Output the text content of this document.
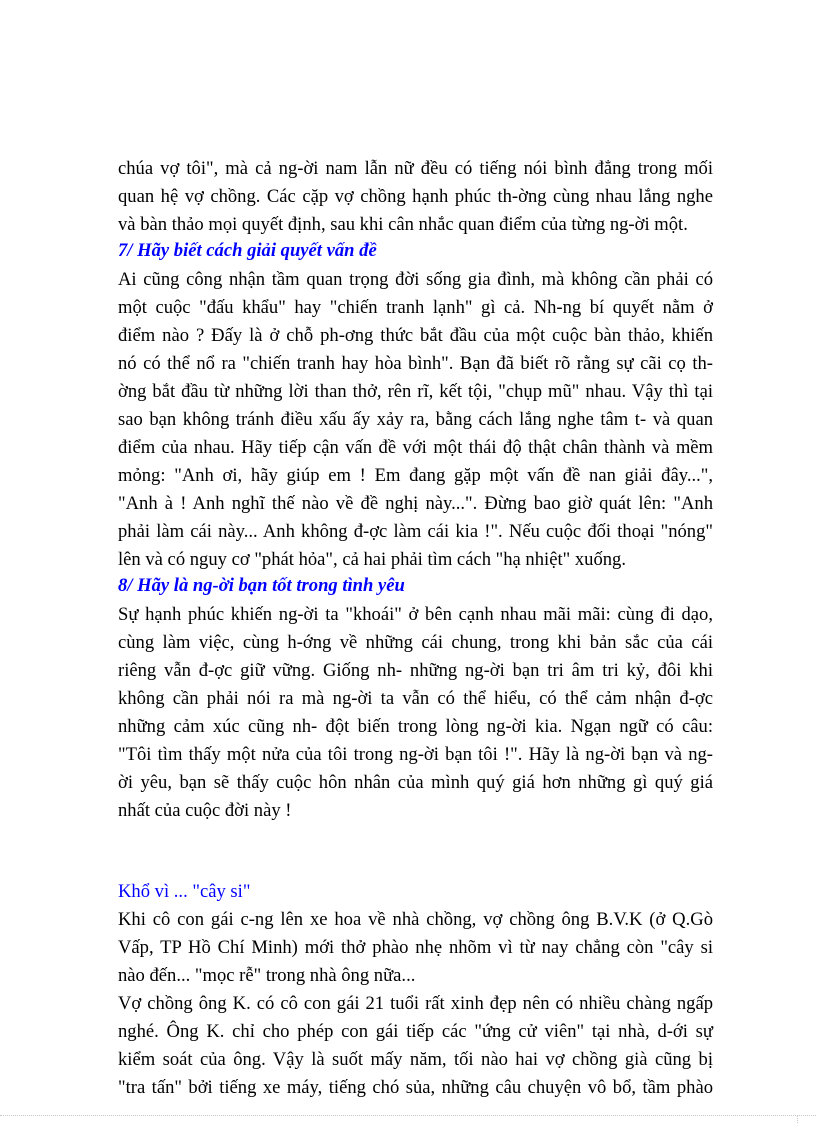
chúa vợ tôi", mà cả ng-ời nam lẫn nữ đều có tiếng nói bình đẳng trong mối
quan hệ vợ chồng. Các cặp vợ chồng hạnh phúc th-ờng cùng nhau lắng nghe
và bàn thảo mọi quyết định, sau khi cân nhắc quan điểm của từng ng-ời một.
7/ Hãy biết cách giải quyết vấn đề
Ai cũng công nhận tầm quan trọng đời sống gia đình, mà không cần phải có
một cuộc "đấu khẩu" hay "chiến tranh lạnh" gì cả. Nh-ng bí quyết nằm ở
điểm nào ? Đấy là ở chỗ ph-ơng thức bắt đầu của một cuộc bàn thảo, khiến
nó có thể nổ ra "chiến tranh hay hòa bình". Bạn đã biết rõ rằng sự cãi cọ th-
ờng bắt đầu từ những lời than thở, rên rĩ, kết tội, "chụp mũ" nhau. Vậy thì tại
sao bạn không tránh điều xấu ấy xảy ra, bằng cách lắng nghe tâm t- và quan
điểm của nhau. Hãy tiếp cận vấn đề với một thái độ thật chân thành và mềm
mỏng: "Anh ơi, hãy giúp em ! Em đang gặp một vấn đề nan giải đây...",
"Anh à ! Anh nghĩ thế nào về đề nghị này...". Đừng bao giờ quát lên: "Anh
phải làm cái này... Anh không đ-ợc làm cái kia !". Nếu cuộc đối thoại "nóng"
lên và có nguy cơ "phát hỏa", cả hai phải tìm cách "hạ nhiệt" xuống.
8/ Hãy là ng-ời bạn tốt trong tình yêu
Sự hạnh phúc khiến ng-ời ta "khoái" ở bên cạnh nhau mãi mãi: cùng đi dạo,
cùng làm việc, cùng h-ớng về những cái chung, trong khi bản sắc của cái
riêng vẫn đ-ợc giữ vững. Giống nh- những ng-ời bạn tri âm tri kỷ, đôi khi
không cần phải nói ra mà ng-ời ta vẫn có thể hiểu, có thể cảm nhận đ-ợc
những cảm xúc cũng nh- đột biến trong lòng ng-ời kia. Ngạn ngữ có câu:
"Tôi tìm thấy một nửa của tôi trong ng-ời bạn tôi !". Hãy là ng-ời bạn và ng-
ời yêu, bạn sẽ thấy cuộc hôn nhân của mình quý giá hơn những gì quý giá
nhất của cuộc đời này !
Khổ vì ... "cây si"
Khi cô con gái c-ng lên xe hoa về nhà chồng, vợ chồng ông B.V.K (ở Q.Gò
Vấp, TP Hồ Chí Minh) mới thở phào nhẹ nhõm vì từ nay chẳng còn "cây si
nào đến... "mọc rễ" trong nhà ông nữa...
Vợ chồng ông K. có cô con gái 21 tuổi rất xinh đẹp nên có nhiều chàng ngấp
nghé. Ông K. chỉ cho phép con gái tiếp các "ứng cử viên" tại nhà, d-ới sự
kiểm soát của ông. Vậy là suốt mấy năm, tối nào hai vợ chồng già cũng bị
"tra tấn" bởi tiếng xe máy, tiếng chó sủa, những câu chuyện vô bổ, tầm phào
